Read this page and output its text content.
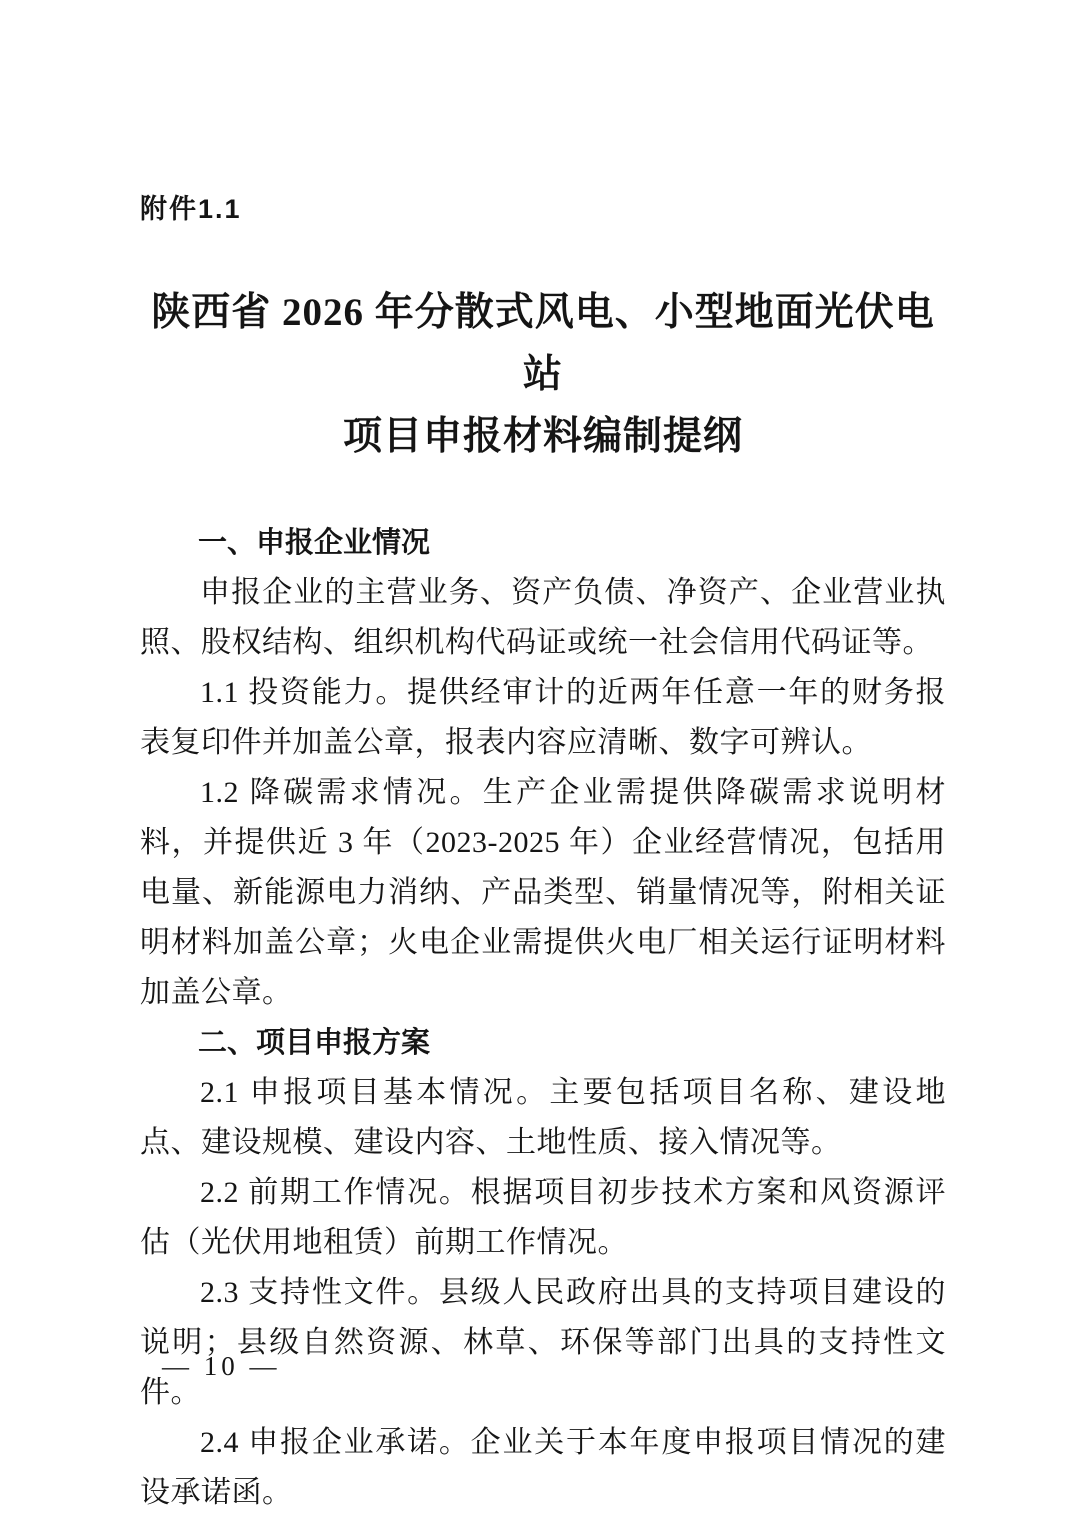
附件1.1
陕西省 2026 年分散式风电、小型地面光伏电站
项目申报材料编制提纲
一、申报企业情况

申报企业的主营业务、资产负债、净资产、企业营业执照、股权结构、组织机构代码证或统一社会信用代码证等。

1.1 投资能力。提供经审计的近两年任意一年的财务报表复印件并加盖公章，报表内容应清晰、数字可辨认。

1.2 降碳需求情况。生产企业需提供降碳需求说明材料，并提供近 3 年（2023-2025 年）企业经营情况，包括用电量、新能源电力消纳、产品类型、销量情况等，附相关证明材料加盖公章；火电企业需提供火电厂相关运行证明材料加盖公章。

二、项目申报方案

2.1 申报项目基本情况。主要包括项目名称、建设地点、建设规模、建设内容、土地性质、接入情况等。

2.2 前期工作情况。根据项目初步技术方案和风资源评估（光伏用地租赁）前期工作情况。

2.3 支持性文件。县级人民政府出具的支持项目建设的说明；县级自然资源、林草、环保等部门出具的支持性文件。

2.4 申报企业承诺。企业关于本年度申报项目情况的建设承诺函。

— 10 —
